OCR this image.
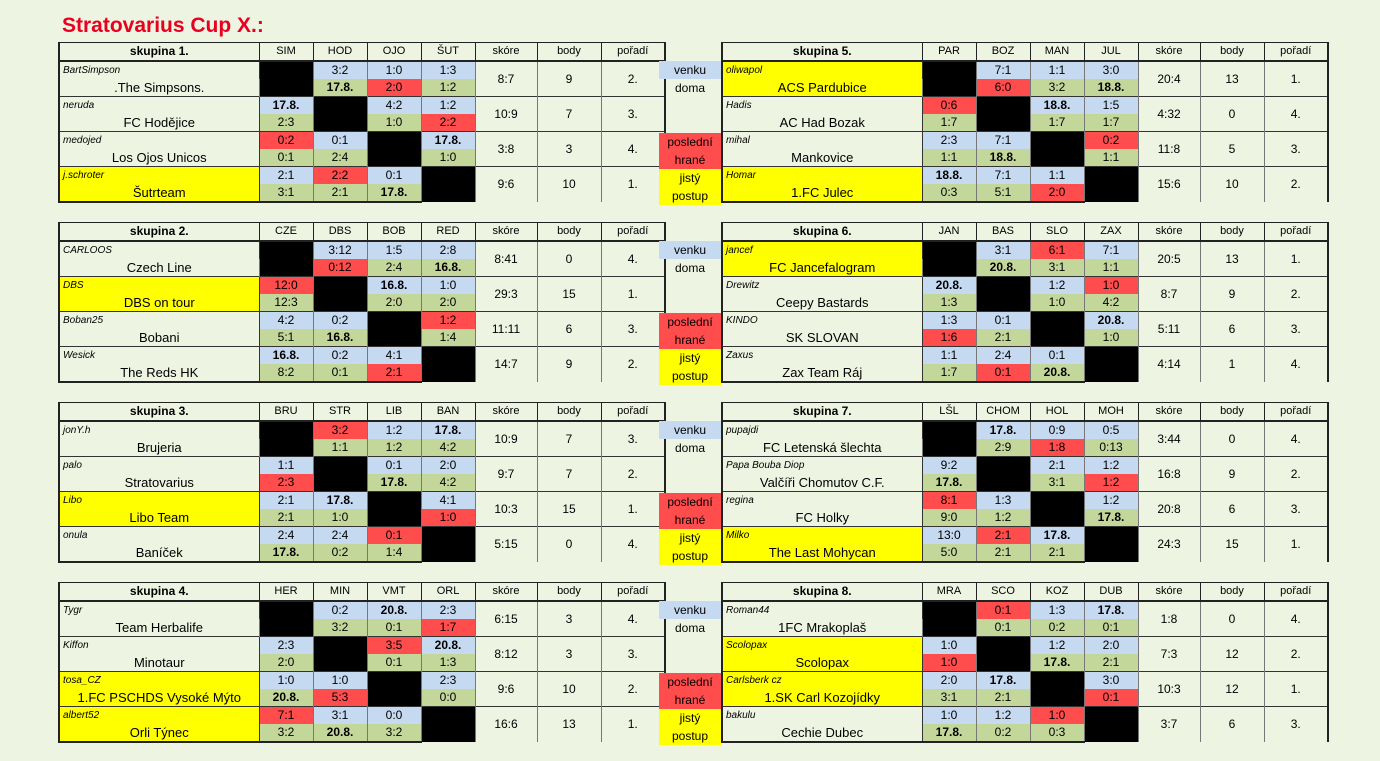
Stratovarius Cup X.:
skupina 1.	SIM	HOD	OJO	ŠUT	skóre	body	pořadí
BartSimpson		3:2	1:0	1:3	8:7	9	2.
.The Simpsons.		17.8.	2:0	1:2			
neruda	17.8.		4:2	1:2	10:9	7	3.
FC Hodějice	2:3		1:0	2:2			
medojed	0:2	0:1		17.8.	3:8	3	4.
Los Ojos Unicos	0:1	2:4		1:0			
j.schroter	2:1	2:2	0:1		9:6	10	1.
Šutrteam	3:1	2:1	17.8.				
skupina 5.	PAR	BOZ	MAN	JUL	skóre	body	pořadí
oliwapol		7:1	1:1	3:0	20:4	13	1.
ACS Pardubice		6:0	3:2	18.8.			
Hadis	0:6		18.8.	1:5	4:32	0	4.
AC Had Bozak	1:7		1:7	1:7			
mihal	2:3	7:1		0:2	11:8	5	3.
Mankovice	1:1	18.8.		1:1			
Homar	18.8.	7:1	1:1		15:6	10	2.
1.FC Julec	0:3	5:1	2:0				
skupina 2.	CZE	DBS	BOB	RED	skóre	body	pořadí
CARLOOS		3:12	1:5	2:8	8:41	0	4.
Czech Line		0:12	2:4	16.8.			
DBS	12:0		16.8.	1:0	29:3	15	1.
DBS on tour	12:3		2:0	2:0			
Boban25	4:2	0:2		1:2	11:11	6	3.
Bobani	5:1	16.8.		1:4			
Wesick	16.8.	0:2	4:1		14:7	9	2.
The Reds HK	8:2	0:1	2:1				
skupina 6.	JAN	BAS	SLO	ZAX	skóre	body	pořadí
jancef		3:1	6:1	7:1	20:5	13	1.
FC Jancefalogram		20.8.	3:1	1:1			
Drewitz	20.8.		1:2	1:0	8:7	9	2.
Ceepy Bastards	1:3		1:0	4:2			
KINDO	1:3	0:1		20.8.	5:11	6	3.
SK SLOVAN	1:6	2:1		1:0			
Zaxus	1:1	2:4	0:1		4:14	1	4.
Zax Team Ráj	1:7	0:1	20.8.				
skupina 3.	BRU	STR	LIB	BAN	skóre	body	pořadí
jonY.h		3:2	1:2	17.8.	10:9	7	3.
Brujeria		1:1	1:2	4:2			
palo	1:1		0:1	2:0	9:7	7	2.
Stratovarius	2:3		17.8.	4:2			
Libo	2:1	17.8.		4:1	10:3	15	1.
Libo Team	2:1	1:0		1:0			
onula	2:4	2:4	0:1		5:15	0	4.
Baníček	17.8.	0:2	1:4				
skupina 7.	LŠL	CHOM	HOL	MOH	skóre	body	pořadí
pupajdi		17.8.	0:9	0:5	3:44	0	4.
FC Letenská šlechta		2:9	1:8	0:13			
Papa Bouba Diop	9:2		2:1	1:2	16:8	9	2.
Valčíři Chomutov C.F.	17.8.		3:1	1:2			
regina	8:1	1:3		1:2	20:8	6	3.
FC Holky	9:0	1:2		17.8.			
Milko	13:0	2:1	17.8.		24:3	15	1.
The Last Mohycan	5:0	2:1	2:1				
skupina 4.	HER	MIN	VMT	ORL	skóre	body	pořadí
Tygr		0:2	20.8.	2:3	6:15	3	4.
Team Herbalife		3:2	0:1	1:7			
Kiffon	2:3		3:5	20.8.	8:12	3	3.
Minotaur	2:0		0:1	1:3			
tosa_CZ	1:0	1:0		2:3	9:6	10	2.
1.FC PSCHDS Vysoké Mýto	20.8.	5:3		0:0			
albert52	7:1	3:1	0:0		16:6	13	1.
Orli Týnec	3:2	20.8.	3:2				
skupina 8.	MRA	SCO	KOZ	DUB	skóre	body	pořadí
Roman44		0:1	1:3	17.8.	1:8	0	4.
1FC Mrakoplaš		0:1	0:2	0:1			
Scolopax	1:0		1:2	2:0	7:3	12	2.
Scolopax	1:0		17.8.	2:1			
Carlsberk cz	2:0	17.8.		3:0	10:3	12	1.
1.SK Carl Kozojídky	3:1	2:1		0:1			
bakulu	1:0	1:2	1:0		3:7	6	3.
Cechie Dubec	17.8.	0:2	0:3				
venku
doma
poslední
hrané
jistý
postup
venku
doma
poslední
hrané
jistý
postup
venku
doma
poslední
hrané
jistý
postup
venku
doma
poslední
hrané
jistý
postup
